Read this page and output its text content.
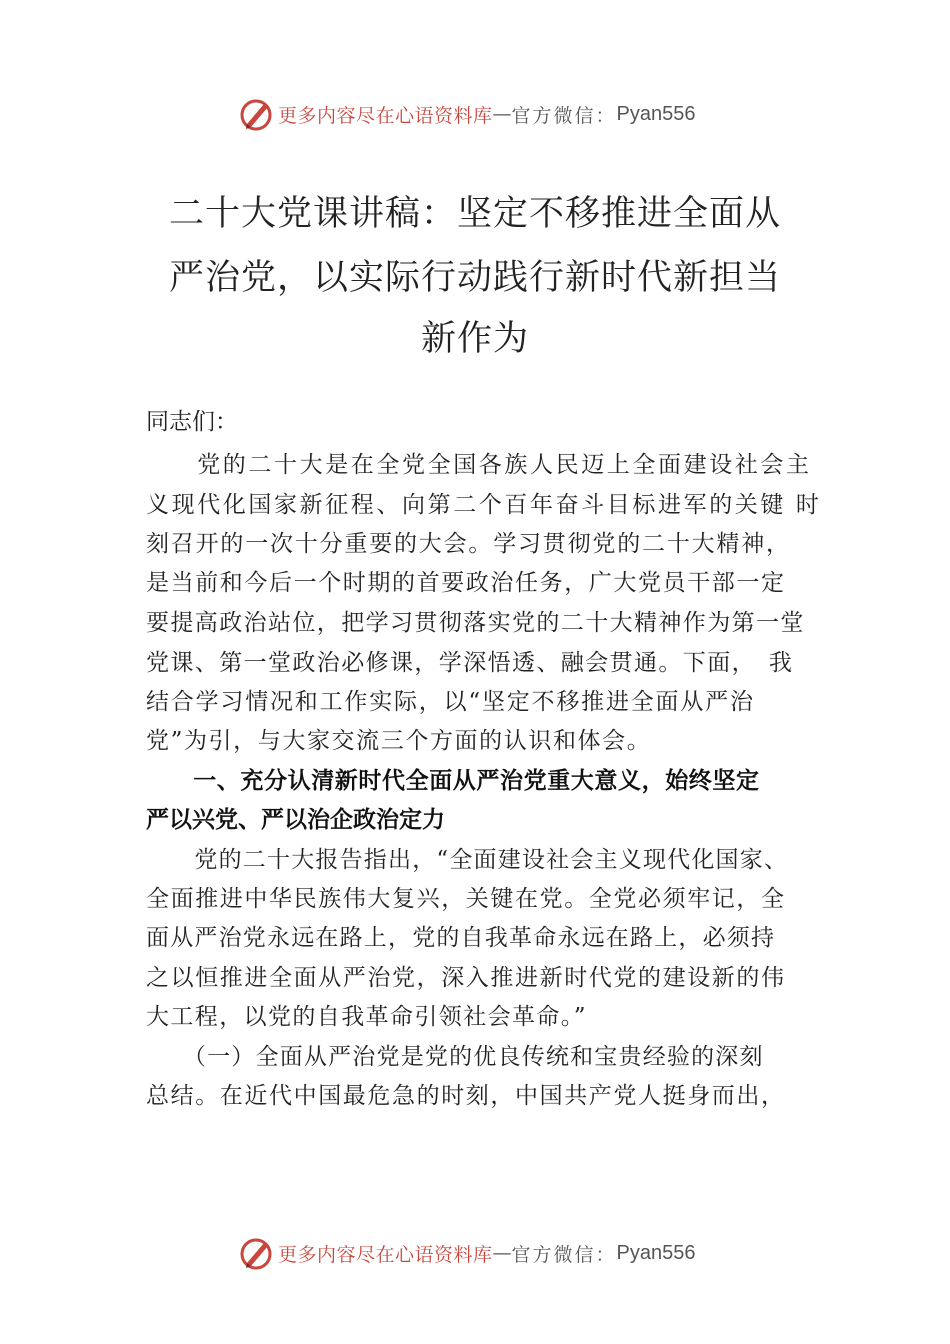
更多内容尽在心语资料库 — 官方微信： Pyan556
二十大党课讲稿：坚定不移推进全面从
严治党，以实际行动践行新时代新担当
新作为
同志们：
　　党的二十大是在全党全国各族人民迈上全面建设社会主
义现代化国家新征程、向第二个百年奋斗目标进军的关键 时
刻召开的一次十分重要的大会。学习贯彻党的二十大精神，
是当前和今后一个时期的首要政治任务，广大党员干部一定
要提高政治站位，把学习贯彻落实党的二十大精神作为第一堂
党课、第一堂政治必修课，学深悟透、融会贯通。下面，　我
结合学习情况和工作实际，以“坚定不移推进全面从严治
党”为引，与大家交流三个方面的认识和体会。
　　一、充分认清新时代全面从严治党重大意义，始终坚定
严以兴党、严以治企政治定力
　　党的二十大报告指出，“全面建设社会主义现代化国家、
全面推进中华民族伟大复兴，关键在党。全党必须牢记，全
面从严治党永远在路上，党的自我革命永远在路上，必须持
之以恒推进全面从严治党，深入推进新时代党的建设新的伟
大工程，以党的自我革命引领社会革命。”
　　（一）全面从严治党是党的优良传统和宝贵经验的深刻
总结。在近代中国最危急的时刻，中国共产党人挺身而出，
更多内容尽在心语资料库 — 官方微信： Pyan556
